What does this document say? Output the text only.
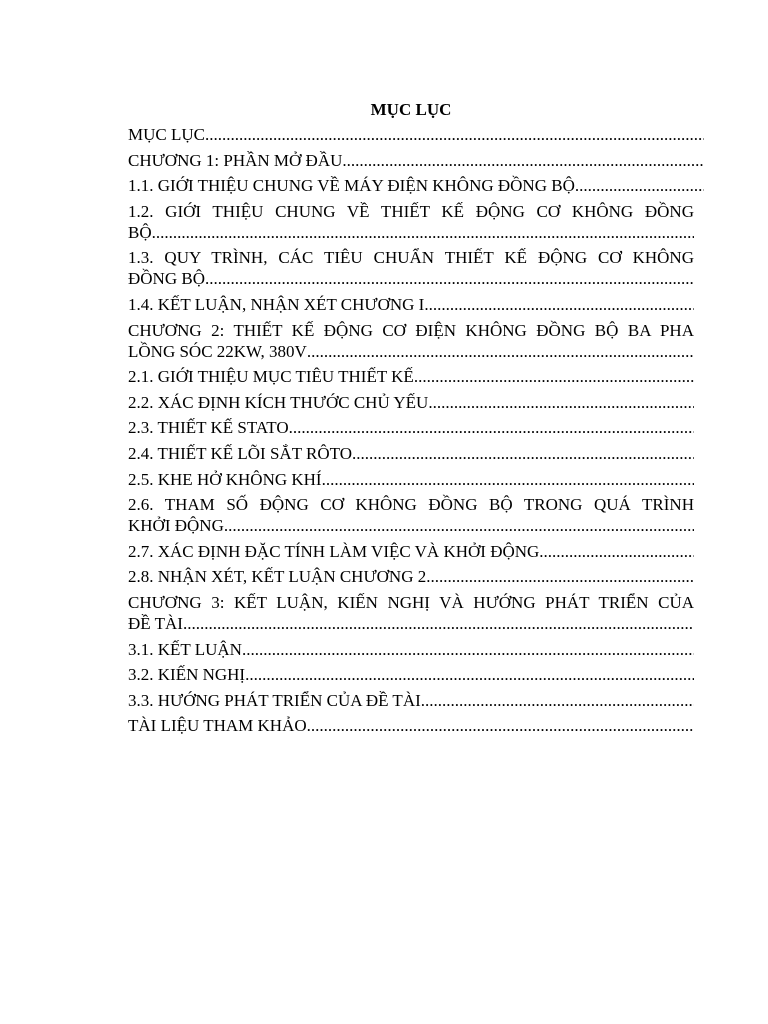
MỤC LỤC
MỤC LỤC
.....
CHƯƠNG 1: PHẦN MỞ ĐẦU
.....
1.1. GIỚI THIỆU CHUNG VỀ MÁY ĐIỆN KHÔNG ĐỒNG BỘ
.....
1.2. GIỚI THIỆU CHUNG VỀ THIẾT KẾ ĐỘNG CƠ KHÔNG ĐỒNG
BỘ
.....
1.3. QUY TRÌNH, CÁC TIÊU CHUẨN THIẾT KẾ ĐỘNG CƠ KHÔNG
ĐỒNG BỘ
.....
1.4. KẾT LUẬN, NHẬN XÉT CHƯƠNG I
.....
CHƯƠNG 2: THIẾT KẾ ĐỘNG CƠ ĐIỆN KHÔNG ĐỒNG BỘ BA PHA
LỒNG SÓC 22KW, 380V
.....
2.1. GIỚI THIỆU MỤC TIÊU THIẾT KẾ
.....
2.2. XÁC ĐỊNH KÍCH THƯỚC CHỦ YẾU
.....
2.3. THIẾT KẾ STATO
.....
2.4. THIẾT KẾ LÕI SẮT RÔTO
.....
2.5. KHE HỞ KHÔNG KHÍ
.....
2.6. THAM SỐ ĐỘNG CƠ KHÔNG ĐỒNG BỘ TRONG QUÁ TRÌNH
KHỞI ĐỘNG
.....
2.7. XÁC ĐỊNH ĐẶC TÍNH LÀM VIỆC VÀ KHỞI ĐỘNG
.....
2.8. NHẬN XÉT, KẾT LUẬN CHƯƠNG 2
.....
CHƯƠNG 3: KẾT LUẬN, KIẾN NGHỊ VÀ HƯỚNG PHÁT TRIỂN CỦA
ĐỀ TÀI
.....
3.1. KẾT LUẬN
.....
3.2. KIẾN NGHỊ
.....
3.3. HƯỚNG PHÁT TRIỂN CỦA ĐỀ TÀI
.....
TÀI LIỆU THAM KHẢO
.....
